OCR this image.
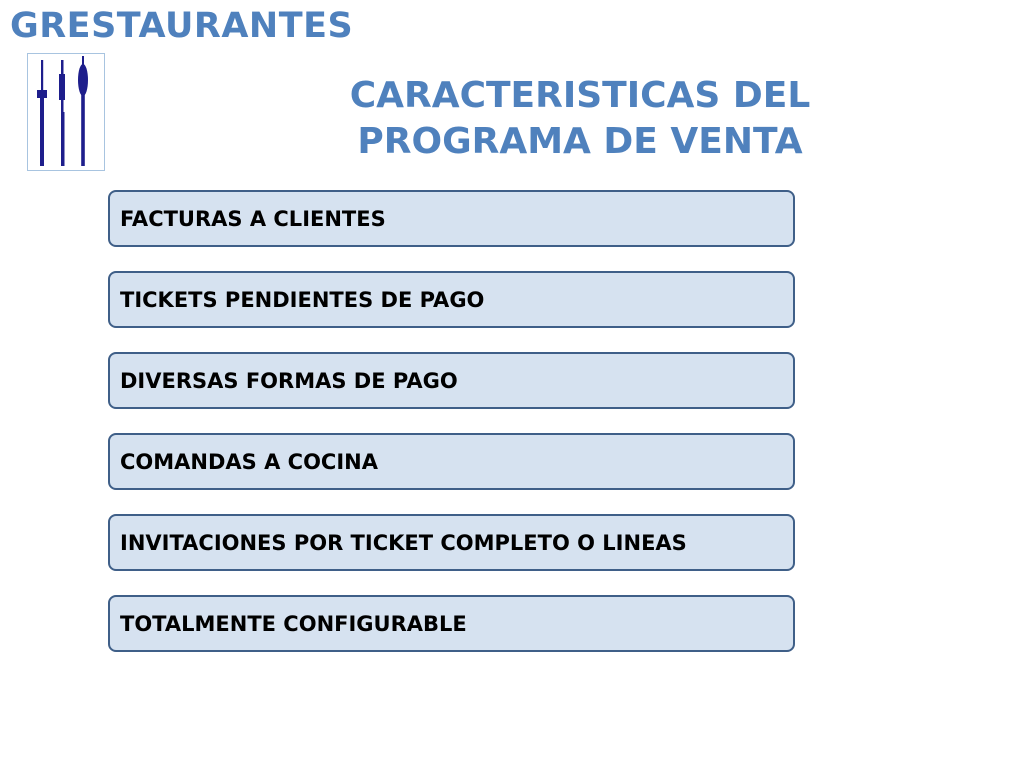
GRESTAURANTES
CARACTERISTICAS DEL
PROGRAMA DE VENTA
FACTURAS A CLIENTES
TICKETS PENDIENTES DE PAGO
DIVERSAS FORMAS DE PAGO
COMANDAS A COCINA
INVITACIONES POR TICKET COMPLETO O LINEAS
TOTALMENTE CONFIGURABLE
